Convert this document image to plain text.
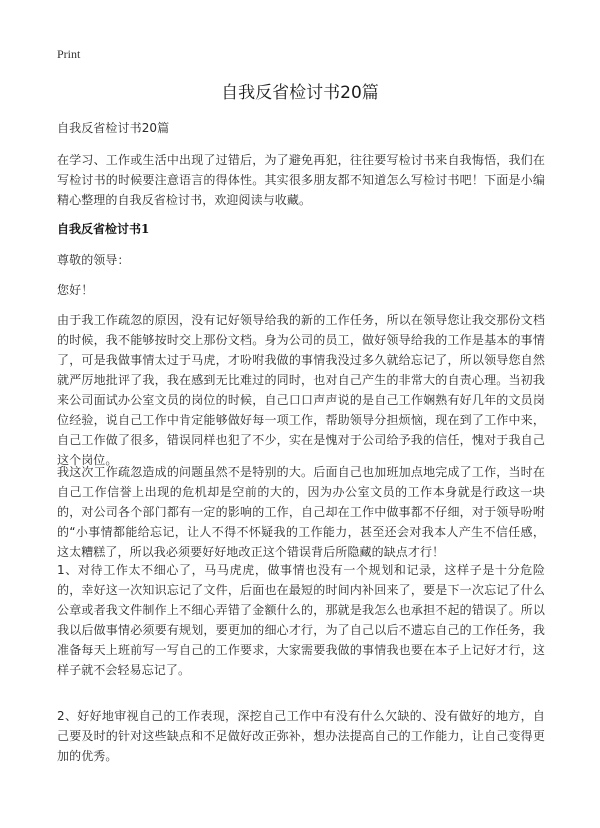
Print
自我反省检讨书20篇

自我反省检讨书20篇

在学习、工作或生活中出现了过错后，为了避免再犯，往往要写检讨书来自我悔悟，我们在写检讨书的时候要注意语言的得体性。其实很多朋友都不知道怎么写检讨书吧！下面是小编精心整理的自我反省检讨书，欢迎阅读与收藏。

自我反省检讨书1

尊敬的领导：

您好！

由于我工作疏忽的原因，没有记好领导给我的新的工作任务，所以在领导您让我交那份文档的时候，我不能够按时交上那份文档。身为公司的员工，做好领导给我的工作是基本的事情了，可是我做事情太过于马虎，才吩咐我做的事情我没过多久就给忘记了，所以领导您自然就严厉地批评了我，我在感到无比难过的同时，也对自己产生的非常大的自责心理。当初我来公司面试办公室文员的岗位的时候，自己口口声声说的是自己工作娴熟有好几年的文员岗位经验，说自己工作中肯定能够做好每一项工作，帮助领导分担烦恼，现在到了工作中来，自己工作做了很多，错误同样也犯了不少，实在是愧对于公司给予我的信任，愧对于我自己这个岗位。

我这次工作疏忽造成的问题虽然不是特别的大。后面自己也加班加点地完成了工作，当时在自己工作信誉上出现的危机却是空前的大的，因为办公室文员的工作本身就是行政这一块的，对公司各个部门都有一定的影响的工作，自己却在工作中做事都不仔细，对于领导吩咐的“小事情都能给忘记，让人不得不怀疑我的工作能力，甚至还会对我本人产生不信任感，这太糟糕了，所以我必须要好好地改正这个错误背后所隐藏的缺点才行！

1、对待工作太不细心了，马马虎虎，做事情也没有一个规划和记录，这样子是十分危险的，幸好这一次知识忘记了文件，后面也在最短的时间内补回来了，要是下一次忘记了什么公章或者我文件制作上不细心弄错了金额什么的，那就是我怎么也承担不起的错误了。所以我以后做事情必须要有规划，要更加的细心才行，为了自己以后不遗忘自己的工作任务，我准备每天上班前写一写自己的工作要求，大家需要我做的事情我也要在本子上记好才行，这样子就不会轻易忘记了。

2、好好地审视自己的工作表现，深挖自己工作中有没有什么欠缺的、没有做好的地方，自己要及时的针对这些缺点和不足做好改正弥补，想办法提高自己的工作能力，让自己变得更加的优秀。
